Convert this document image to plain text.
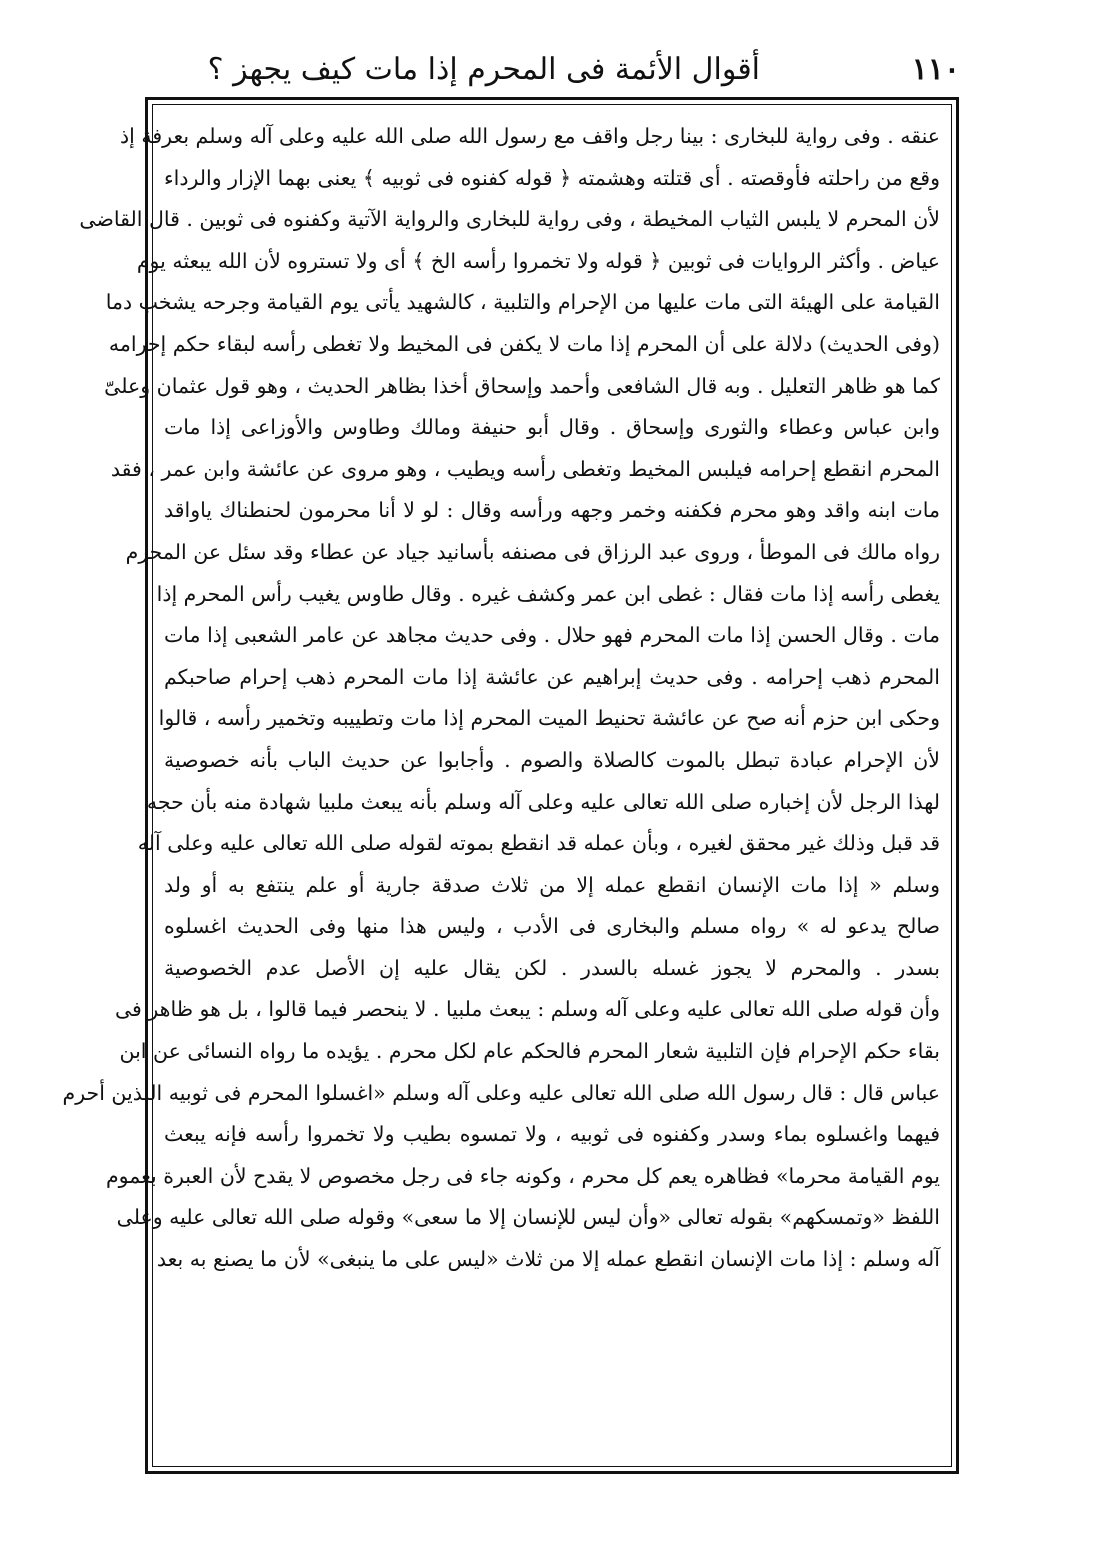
أقوال الأئمة فى المحرم إذا مات كيف يجهز ؟	١١٠
عنقه . وفى رواية للبخارى : بينا رجل واقف مع رسول الله صلى الله عليه وعلى آله وسلم بعرفة إذ
وقع من راحلته فأوقصته . أى قتلته وهشمته ﴿ قوله كفنوه فى ثوبيه ﴾ يعنى بهما الإزار والرداء
لأن المحرم لا يلبس الثياب المخيطة ، وفى رواية للبخارى والرواية الآتية وكفنوه فى ثوبين . قال القاضى
عياض . وأكثر الروايات فى ثوبين ﴿ قوله ولا تخمروا رأسه الخ ﴾ أى ولا تستروه لأن الله يبعثه يوم
القيامة على الهيئة التى مات عليها من الإحرام والتلبية ، كالشهيد يأتى يوم القيامة وجرحه يشخب دما
(وفى الحديث) دلالة على أن المحرم إذا مات لا يكفن فى المخيط ولا تغطى رأسه لبقاء حكم إحرامه
كما هو ظاهر التعليل . وبه قال الشافعى وأحمد وإسحاق أخذا بظاهر الحديث ، وهو قول عثمان وعلىّ
وابن عباس وعطاء والثورى وإسحاق . وقال أبو حنيفة ومالك وطاوس والأوزاعى إذا مات
المحرم انقطع إحرامه فيلبس المخيط وتغطى رأسه ويطيب ، وهو مروى عن عائشة وابن عمر ، فقد
مات ابنه واقد وهو محرم فكفنه وخمر وجهه ورأسه وقال : لو لا أنا محرمون لحنطناك ياواقد
رواه مالك فى الموطأ ، وروى عبد الرزاق فى مصنفه بأسانيد جياد عن عطاء وقد سئل عن المحرم
يغطى رأسه إذا مات فقال : غطى ابن عمر وكشف غيره . وقال طاوس يغيب رأس المحرم إذا
مات . وقال الحسن إذا مات المحرم فهو حلال . وفى حديث مجاهد عن عامر الشعبى إذا مات
المحرم ذهب إحرامه . وفى حديث إبراهيم عن عائشة إذا مات المحرم ذهب إحرام صاحبكم
وحكى ابن حزم أنه صح عن عائشة تحنيط الميت المحرم إذا مات وتطييبه وتخمير رأسه ، قالوا
لأن الإحرام عبادة تبطل بالموت كالصلاة والصوم . وأجابوا عن حديث الباب بأنه خصوصية
لهذا الرجل لأن إخباره صلى الله تعالى عليه وعلى آله وسلم بأنه يبعث ملبيا شهادة منه بأن حجه
قد قبل وذلك غير محقق لغيره ، وبأن عمله قد انقطع بموته لقوله صلى الله تعالى عليه وعلى آله
وسلم « إذا مات الإنسان انقطع عمله إلا من ثلاث صدقة جارية أو علم ينتفع به أو ولد
صالح يدعو له » رواه مسلم والبخارى فى الأدب ، وليس هذا منها وفى الحديث اغسلوه
بسدر . والمحرم لا يجوز غسله بالسدر . لكن يقال عليه إن الأصل عدم الخصوصية
وأن قوله صلى الله تعالى عليه وعلى آله وسلم : يبعث ملبيا . لا ينحصر فيما قالوا ، بل هو ظاهر فى
بقاء حكم الإحرام فإن التلبية شعار المحرم فالحكم عام لكل محرم . يؤيده ما رواه النسائى عن ابن
عباس قال : قال رسول الله صلى الله تعالى عليه وعلى آله وسلم «اغسلوا المحرم فى ثوبيه اللذين أحرم
فيهما واغسلوه بماء وسدر وكفنوه فى ثوبيه ، ولا تمسوه بطيب ولا تخمروا رأسه فإنه يبعث
يوم القيامة محرما» فظاهره يعم كل محرم ، وكونه جاء فى رجل مخصوص لا يقدح لأن العبرة بعموم
اللفظ «وتمسكهم» بقوله تعالى «وأن ليس للإنسان إلا ما سعى» وقوله صلى الله تعالى عليه وعلى
آله وسلم : إذا مات الإنسان انقطع عمله إلا من ثلاث «ليس على ما ينبغى» لأن ما يصنع به بعد
